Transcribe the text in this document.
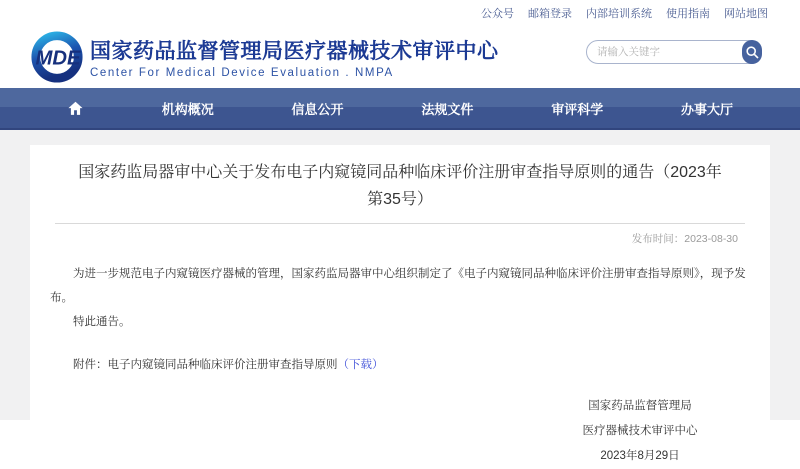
公众号 邮箱登录 内部培训系统 使用指南 网站地图
MDE 国家药品监督管理局医疗器械技术审评中心
Center For Medical Device Evaluation . NMPA
请输入关键字
机构概况	信息公开	法规文件	审评科学	办事大厅
国家药监局器审中心关于发布电子内窥镜同品种临床评价注册审查指导原则的通告（2023年第35号）
发布时间：2023-08-30

为进一步规范电子内窥镜医疗器械的管理，国家药监局器审中心组织制定了《电子内窥镜同品种临床评价注册审查指导原则》，现予发布。

特此通告。

附件：电子内窥镜同品种临床评价注册审查指导原则（下载）
国家药品监督管理局
医疗器械技术审评中心
2023年8月29日
